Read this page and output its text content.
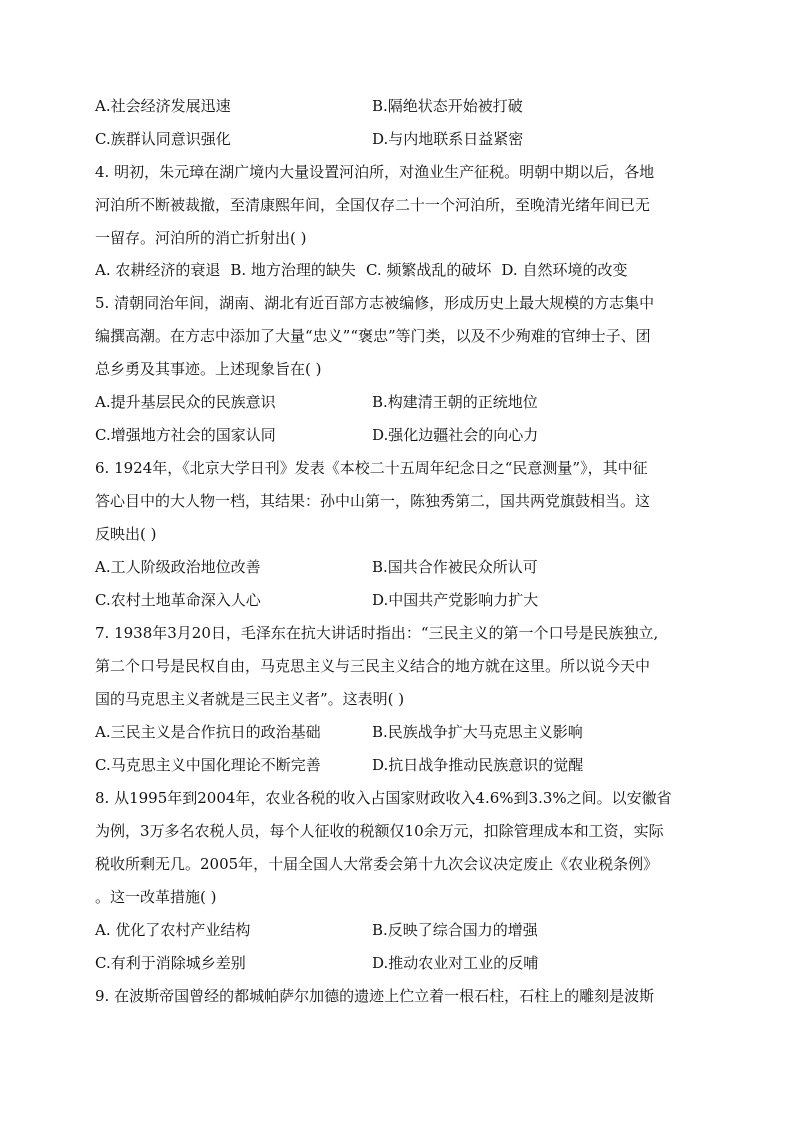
A.社会经济发展迅速	B.隔绝状态开始被打破
C.族群认同意识强化	D.与内地联系日益紧密
4. 明初，朱元璋在湖广境内大量设置河泊所，对渔业生产征税。明朝中期以后，各地
河泊所不断被裁撤，至清康熙年间，全国仅存二十一个河泊所，至晚清光绪年间已无
一留存。河泊所的消亡折射出( )
A. 农耕经济的衰退 B. 地方治理的缺失 C. 频繁战乱的破坏 D. 自然环境的改变
5. 清朝同治年间，湖南、湖北有近百部方志被编修，形成历史上最大规模的方志集中
编撰高潮。在方志中添加了大量“忠义”“褒忠”等门类，以及不少殉难的官绅士子、团
总乡勇及其事迹。上述现象旨在( )
A.提升基层民众的民族意识	B.构建清王朝的正统地位
C.增强地方社会的国家认同	D.强化边疆社会的向心力
6. 1924年，《北京大学日刊》发表《本校二十五周年纪念日之“民意测量”》，其中征
答心目中的大人物一档，其结果：孙中山第一，陈独秀第二，国共两党旗鼓相当。这
反映出( )
A.工人阶级政治地位改善	B.国共合作被民众所认可
C.农村土地革命深入人心	D.中国共产党影响力扩大
7. 1938年3月20日，毛泽东在抗大讲话时指出：“三民主义的第一个口号是民族独立,
第二个口号是民权自由，马克思主义与三民主义结合的地方就在这里。所以说今天中
国的马克思主义者就是三民主义者”。这表明( )
A.三民主义是合作抗日的政治基础	B.民族战争扩大马克思主义影响
C.马克思主义中国化理论不断完善	D.抗日战争推动民族意识的觉醒
8. 从1995年到2004年，农业各税的收入占国家财政收入4.6%到3.3%之间。以安徽省
为例，3万多名农税人员，每个人征收的税额仅10余万元，扣除管理成本和工资，实际
税收所剩无几。2005年，十届全国人大常委会第十九次会议决定废止《农业税条例》
。这一改革措施( )
A. 优化了农村产业结构	B.反映了综合国力的增强
C.有利于消除城乡差别	D.推动农业对工业的反哺
9. 在波斯帝国曾经的都城帕萨尔加德的遗迹上伫立着一根石柱，石柱上的雕刻是波斯
